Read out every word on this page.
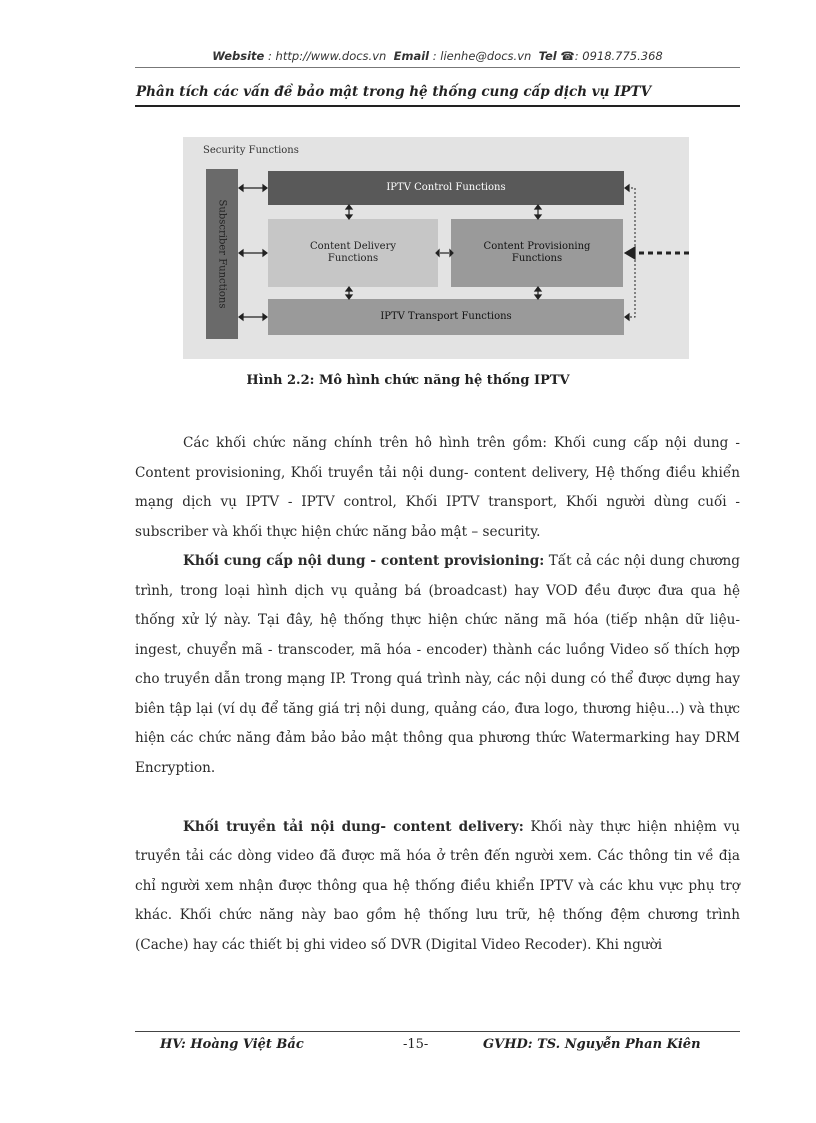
Website : http://www.docs.vn Email : lienhe@docs.vn Tel ☎: 0918.775.368
Phân tích các vấn đề bảo mật trong hệ thống cung cấp dịch vụ IPTV
Security Functions
Subscriber Functions
IPTV Control Functions
Content Delivery
Functions
Content Provisioning
Functions
IPTV Transport Functions
Hình 2.2: Mô hình chức năng hệ thống IPTV

Các khối chức năng chính trên hô hình trên gồm: Khối cung cấp nội dung - Content provisioning, Khối truyền tải nội dung- content delivery, Hệ thống điều khiển mạng dịch vụ IPTV - IPTV control, Khối IPTV transport, Khối người dùng cuối - subscriber và khối thực hiện chức năng bảo mật – security.

Khối cung cấp nội dung - content provisioning: Tất cả các nội dung chương trình, trong loại hình dịch vụ quảng bá (broadcast) hay VOD đều được đưa qua hệ thống xử lý này. Tại đây, hệ thống thực hiện chức năng mã hóa (tiếp nhận dữ liệu-ingest, chuyển mã - transcoder, mã hóa - encoder) thành các luồng Video số thích hợp cho truyền dẫn trong mạng IP. Trong quá trình này, các nội dung có thể được dựng hay biên tập lại (ví dụ để tăng giá trị nội dung, quảng cáo, đưa logo, thương hiệu…) và thực hiện các chức năng đảm bảo bảo mật thông qua phương thức Watermarking hay DRM Encryption.

Khối truyền tải nội dung- content delivery: Khối này thực hiện nhiệm vụ truyền tải các dòng video đã được mã hóa ở trên đến người xem. Các thông tin về địa chỉ người xem nhận được thông qua hệ thống điều khiển IPTV và các khu vực phụ trợ khác. Khối chức năng này bao gồm hệ thống lưu trữ, hệ thống đệm chương trình (Cache) hay các thiết bị ghi video số DVR (Digital Video Recoder). Khi người

HV: Hoàng Việt Bắc	-15-	GVHD: TS. Nguyễn Phan Kiên
